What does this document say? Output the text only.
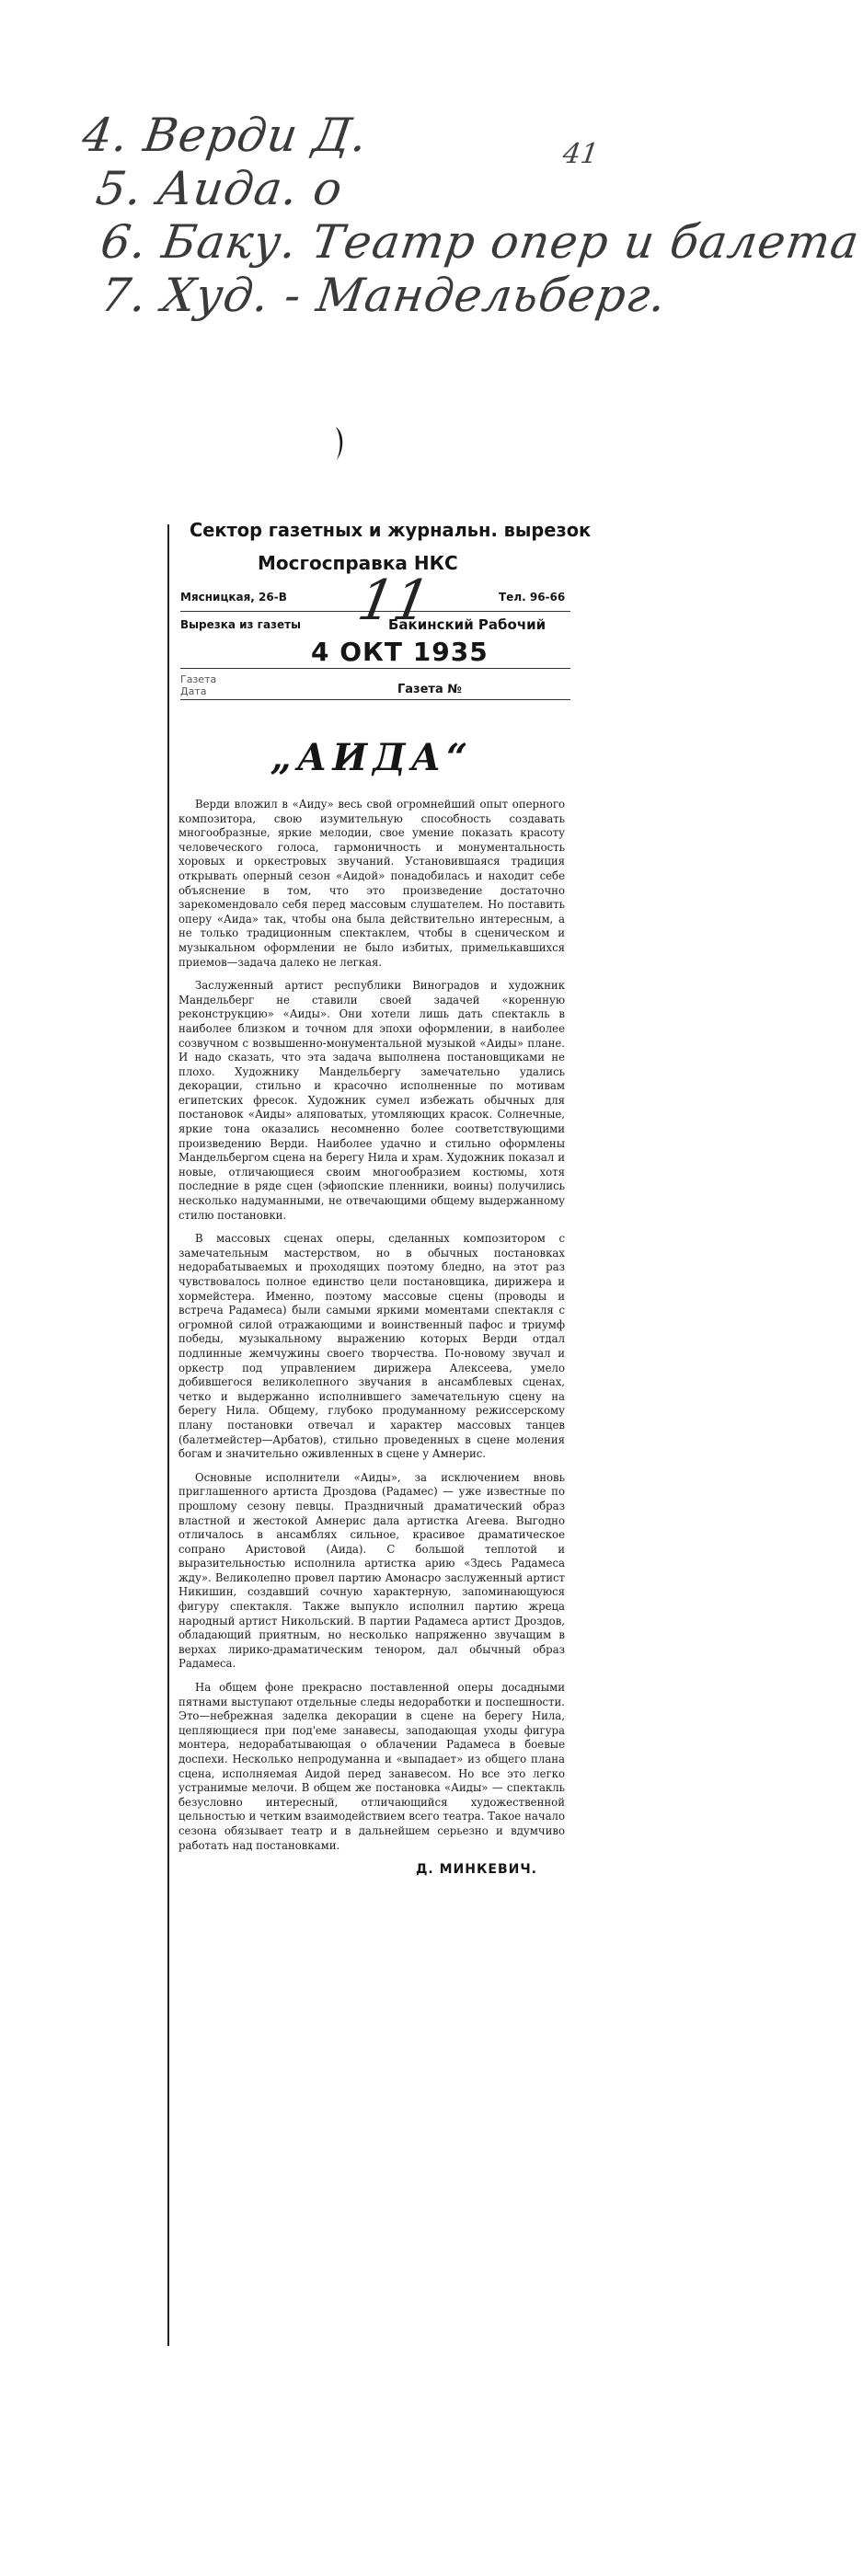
4. Верди Д.
5. Аида. о
6. Баку. Театр опер и балета
7. Худ. - Мандельберг.
41
Сектор газетных и журнальн. вырезок
Мосгосправка НКС
Мясницкая, 26-В	Тел. 96-66
Вырезка из газеты	Бакинский Рабочий
11
4 ОКТ 1935
Газета
Дата	Газета №
„АИДА“

Верди вложил в «Аиду» весь свой огромнейший опыт оперного композитора, свою изумительную способность создавать многообразные, яркие мелодии, свое умение показать красоту человеческого голоса, гармоничность и монументальность хоровых и оркестровых звучаний. Установившаяся традиция открывать оперный сезон «Аидой» понадобилась и находит себе объяснение в том, что это произведение достаточно зарекомендовало себя перед массовым слушателем. Но поставить оперу «Аида» так, чтобы она была действительно интересным, а не только традиционным спектаклем, чтобы в сценическом и музыкальном оформлении не было избитых, примелькавшихся приемов—задача далеко не легкая.

Заслуженный артист республики Виноградов и художник Мандельберг не ставили своей задачей «коренную реконструкцию» «Аиды». Они хотели лишь дать спектакль в наиболее близком и точном для эпохи оформлении, в наиболее созвучном с возвышенно-монументальной музыкой «Аиды» плане. И надо сказать, что эта задача выполнена постановщиками не плохо. Художнику Мандельбергу замечательно удались декорации, стильно и красочно исполненные по мотивам египетских фресок. Художник сумел избежать обычных для постановок «Аиды» аляповатых, утомляющих красок. Солнечные, яркие тона оказались несомненно более соответствующими произведению Верди. Наиболее удачно и стильно оформлены Мандельбергом сцена на берегу Нила и храм. Художник показал и новые, отличающиеся своим многообразием костюмы, хотя последние в ряде сцен (эфиопские пленники, воины) получились несколько надуманными, не отвечающими общему выдержанному стилю постановки.

В массовых сценах оперы, сделанных композитором с замечательным мастерством, но в обычных постановках недорабатываемых и проходящих поэтому бледно, на этот раз чувствовалось полное единство цели постановщика, дирижера и хормейстера. Именно, поэтому массовые сцены (проводы и встреча Радамеса) были самыми яркими моментами спектакля с огромной силой отражающими и воинственный пафос и триумф победы, музыкальному выражению которых Верди отдал подлинные жемчужины своего творчества. По-новому звучал и оркестр под управлением дирижера Алексеева, умело добившегося великолепного звучания в ансамблевых сценах, четко и выдержанно исполнившего замечательную сцену на берегу Нила. Общему, глубоко продуманному режиссерскому плану постановки отвечал и характер массовых танцев (балетмейстер—Арбатов), стильно проведенных в сцене моления богам и значительно оживленных в сцене у Амнерис.

Основные исполнители «Аиды», за исключением вновь приглашенного артиста Дроздова (Радамес) — уже известные по прошлому сезону певцы. Праздничный драматический образ властной и жестокой Амнерис дала артистка Агеева. Выгодно отличалось в ансамблях сильное, красивое драматическое сопрано Аристовой (Аида). С большой теплотой и выразительностью исполнила артистка арию «Здесь Радамеса жду». Великолепно провел партию Амонасро заслуженный артист Никишин, создавший сочную характерную, запоминающуюся фигуру спектакля. Также выпукло исполнил партию жреца народный артист Никольский. В партии Радамеса артист Дроздов, обладающий приятным, но несколько напряженно звучащим в верхах лирико-драматическим тенором, дал обычный образ Радамеса.

На общем фоне прекрасно поставленной оперы досадными пятнами выступают отдельные следы недоработки и поспешности. Это—небрежная заделка декорации в сцене на берегу Нила, цепляющиеся при под'еме занавесы, заподающая уходы фигура монтера, недорабатывающая о облачении Радамеса в боевые доспехи. Несколько непродуманна и «выпадает» из общего плана сцена, исполняемая Аидой перед занавесом. Но все это легко устранимые мелочи. В общем же постановка «Аиды» — спектакль безусловно интересный, отличающийся художественной цельностью и четким взаимодействием всего театра. Такое начало сезона обязывает театр и в дальнейшем серьезно и вдумчиво работать над постановками.

Д. МИНКЕВИЧ.
